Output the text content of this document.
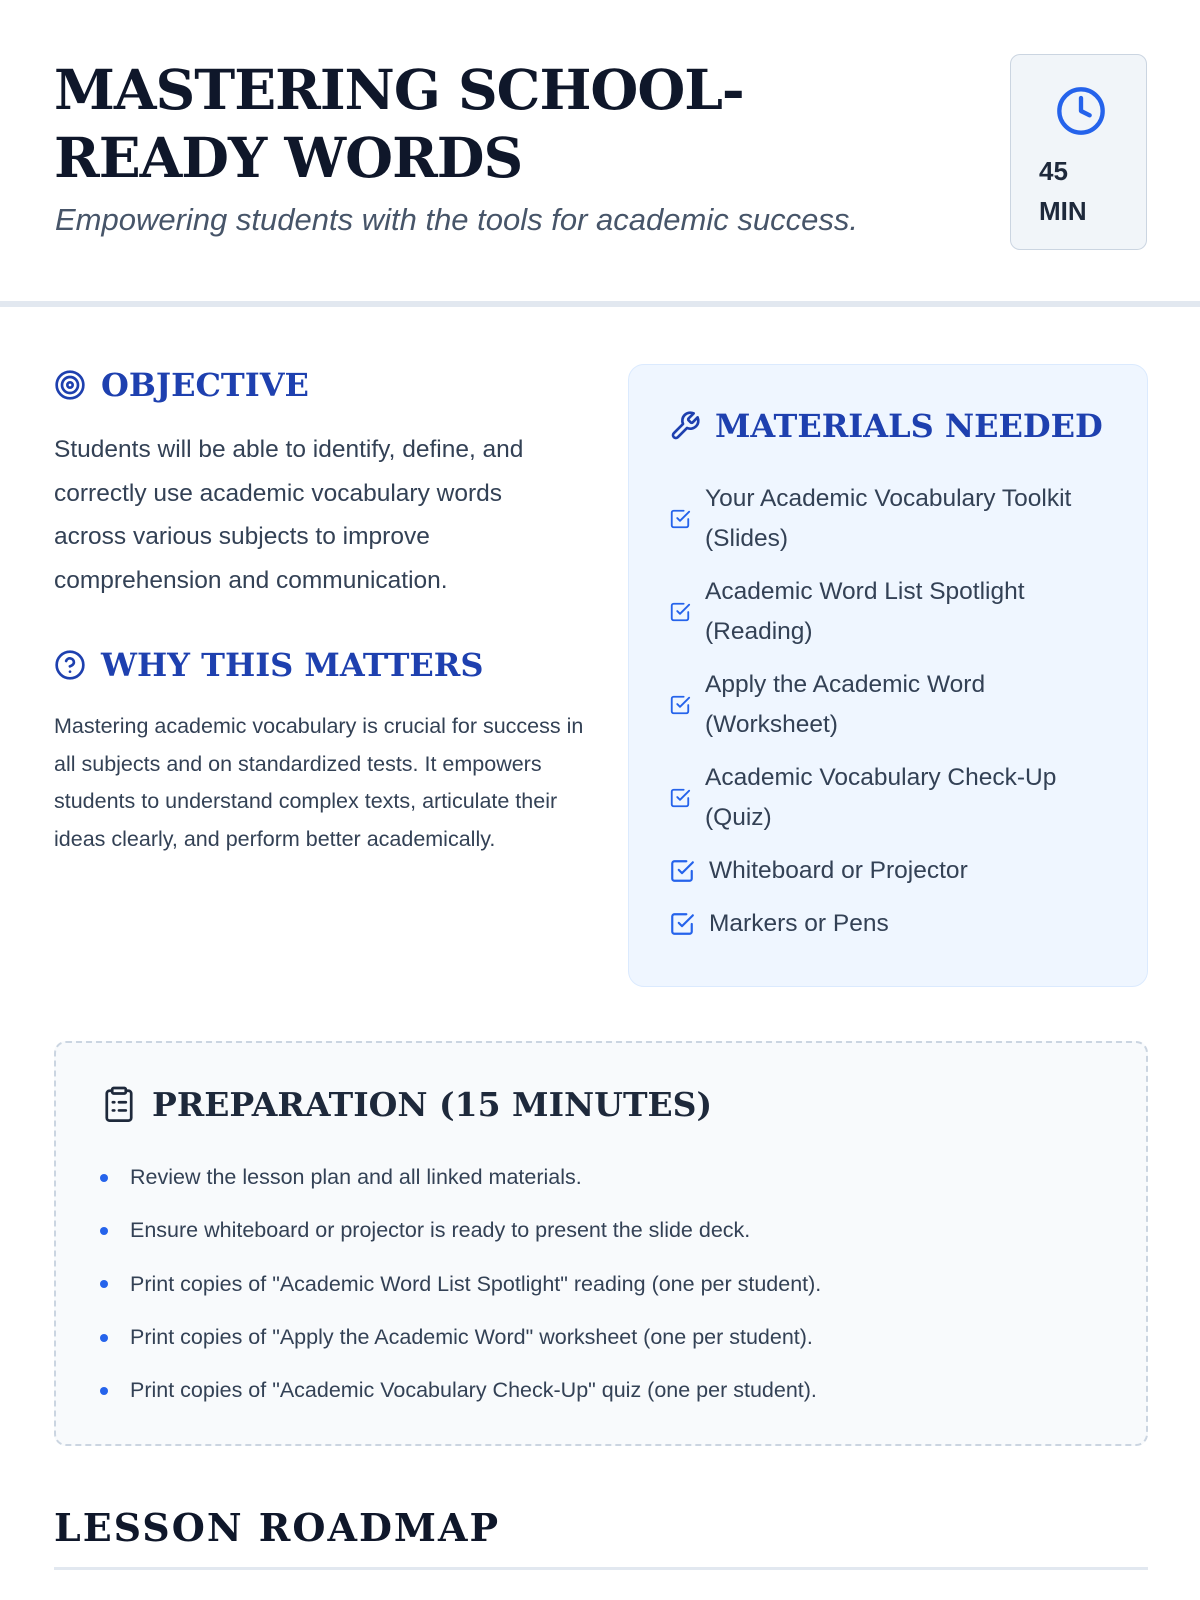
MASTERING SCHOOL-READY WORDS

Empowering students with the tools for academic success.

45
MIN
OBJECTIVE

Students will be able to identify, define, and correctly use academic vocabulary words across various subjects to improve comprehension and communication.

WHY THIS MATTERS

Mastering academic vocabulary is crucial for success in all subjects and on standardized tests. It empowers students to understand complex texts, articulate their ideas clearly, and perform better academically.

MATERIALS NEEDED
Your Academic Vocabulary Toolkit (Slides)
Academic Word List Spotlight (Reading)
Apply the Academic Word (Worksheet)
Academic Vocabulary Check-Up (Quiz)
Whiteboard or Projector
Markers or Pens
PREPARATION (15 MINUTES)
Review the lesson plan and all linked materials.
Ensure whiteboard or projector is ready to present the slide deck.
Print copies of "Academic Word List Spotlight" reading (one per student).
Print copies of "Apply the Academic Word" worksheet (one per student).
Print copies of "Academic Vocabulary Check-Up" quiz (one per student).
LESSON ROADMAP
